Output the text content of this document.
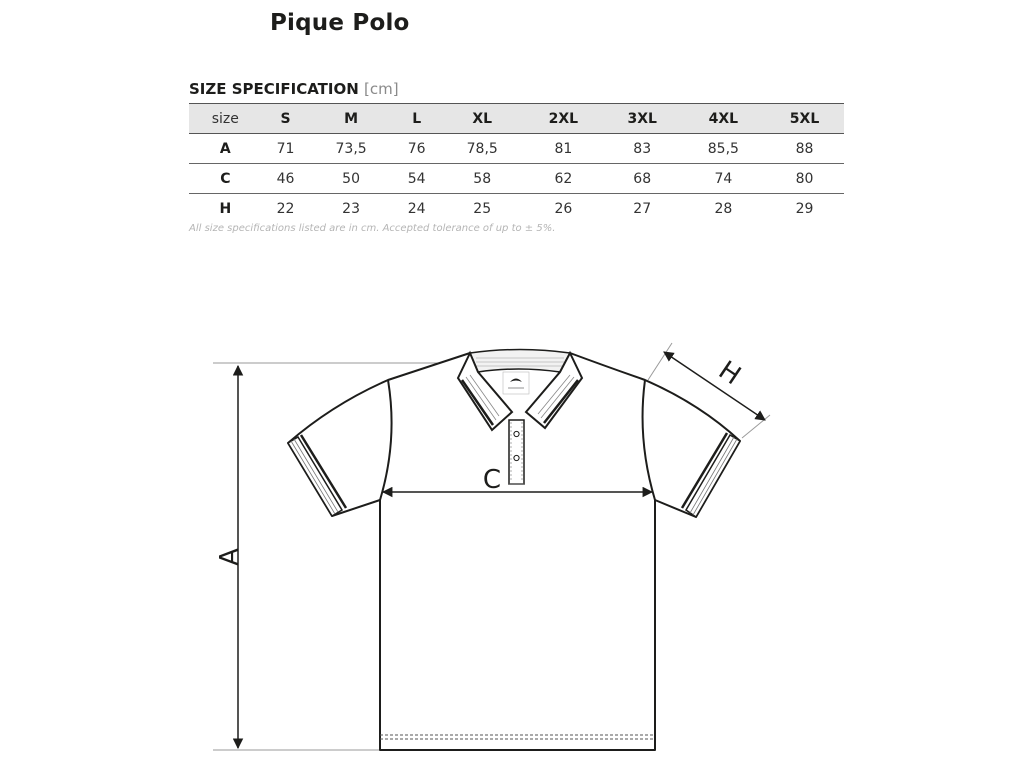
Pique Polo
SIZE SPECIFICATION [cm]
size	S	M	L	XL	2XL	3XL	4XL	5XL
A	71	73,5	76	78,5	81	83	85,5	88
C	46	50	54	58	62	68	74	80
H	22	23	24	25	26	27	28	29
All size specifications listed are in cm. Accepted tolerance of up to ± 5%.
A
C
H
